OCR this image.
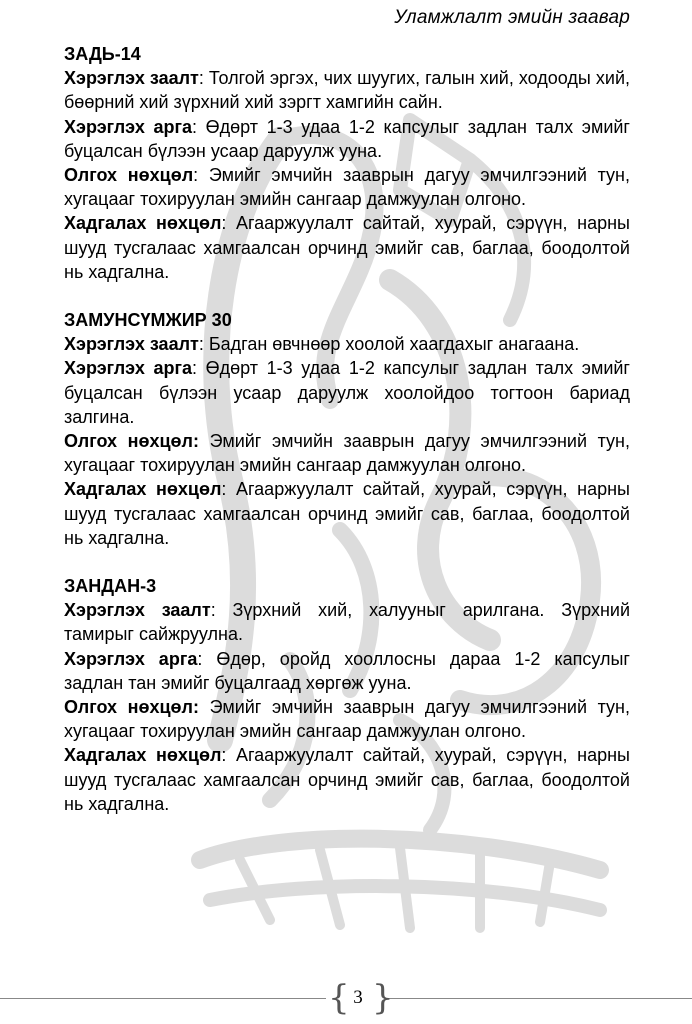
Уламжлалт эмийн заавар

ЗАДЬ-14

Хэрэглэх заалт: Толгой эргэх, чих шуугих, галын хий, ходооды хий, бөөрний хий зүрхний хий зэргт хамгийн сайн.

Хэрэглэх арга: Өдөрт 1-3 удаа 1-2 капсулыг задлан талх эмийг буцалсан бүлээн усаар даруулж ууна.

Олгох нөхцөл: Эмийг эмчийн зааврын дагуу эмчилгээний тун, хугацааг тохируулан эмийн сангаар дамжуулан олгоно.

Хадгалах нөхцөл: Агааржуулалт сайтай, хуурай, сэрүүн, нарны шууд тусгалаас хамгаалсан орчинд эмийг сав, баглаа, боодолтой нь хадгална.

ЗАМУНСҮМЖИР 30

Хэрэглэх заалт: Бадган өвчнөөр хоолой хаагдахыг анагаана.

Хэрэглэх арга: Өдөрт 1-3 удаа 1-2 капсулыг задлан талх эмийг буцалсан бүлээн усаар даруулж хоолойдоо тогтоон бариад залгина.

Олгох нөхцөл: Эмийг эмчийн зааврын дагуу эмчилгээний тун, хугацааг тохируулан эмийн сангаар дамжуулан олгоно.

Хадгалах нөхцөл: Агааржуулалт сайтай, хуурай, сэрүүн, нарны шууд тусгалаас хамгаалсан орчинд эмийг сав, баглаа, боодолтой нь хадгална.

ЗАНДАН-3

Хэрэглэх заалт: Зүрхний хий, халууныг арилгана. Зүрхний тамирыг сайжруулна.

Хэрэглэх арга: Өдөр, оройд хооллосны дараа 1-2 капсулыг задлан тан эмийг буцалгаад хөргөж ууна.

Олгох нөхцөл: Эмийг эмчийн зааврын дагуу эмчилгээний тун, хугацааг тохируулан эмийн сангаар дамжуулан олгоно.

Хадгалах нөхцөл: Агааржуулалт сайтай, хуурай, сэрүүн, нарны шууд тусгалаас хамгаалсан орчинд эмийг сав, баглаа, боодолтой нь хадгална.

{ }
3
